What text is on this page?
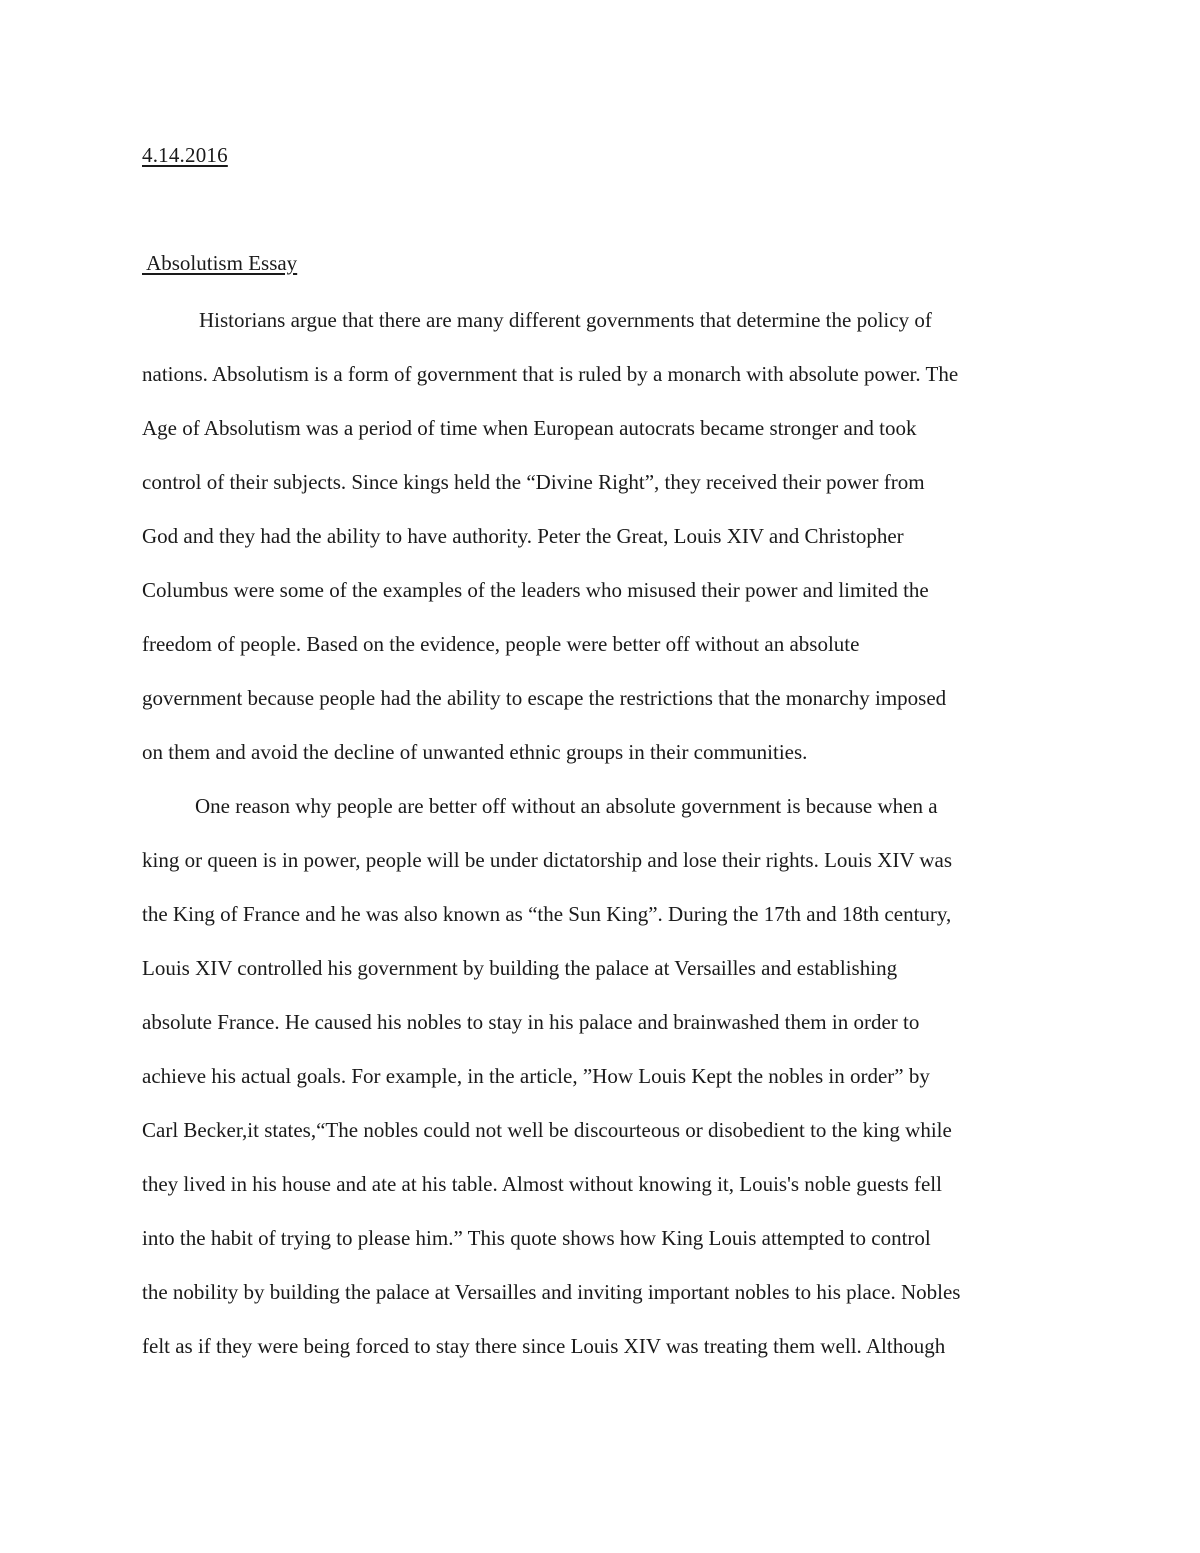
4.14.2016
Absolutism Essay
Historians argue that there are many different governments that determine the policy of
nations. Absolutism is a form of government that is ruled by a monarch with absolute power. The
Age of Absolutism was a period of time when European autocrats became stronger and took
control of their subjects. Since kings held the “Divine Right”, they received their power from
God and they had the ability to have authority. Peter the Great, Louis XIV and Christopher
Columbus were some of the examples of the leaders who misused their power and limited the
freedom of people. Based on the evidence, people were better off without an absolute
government because people had the ability to escape the restrictions that the monarchy imposed
on them and avoid the decline of unwanted ethnic groups in their communities.
One reason why people are better off without an absolute government is because when a
king or queen is in power, people will be under dictatorship and lose their rights. Louis XIV was
the King of France and he was also known as “the Sun King”. During the 17th and 18th century,
Louis XIV controlled his government by building the palace at Versailles and establishing
absolute France. He caused his nobles to stay in his palace and brainwashed them in order to
achieve his actual goals. For example, in the article, ”How Louis Kept the nobles in order” by
Carl Becker,it states,“The nobles could not well be discourteous or disobedient to the king while
they lived in his house and ate at his table. Almost without knowing it, Louis's noble guests fell
into the habit of trying to please him.” This quote shows how King Louis attempted to control
the nobility by building the palace at Versailles and inviting important nobles to his place. Nobles
felt as if they were being forced to stay there since Louis XIV was treating them well. Although
